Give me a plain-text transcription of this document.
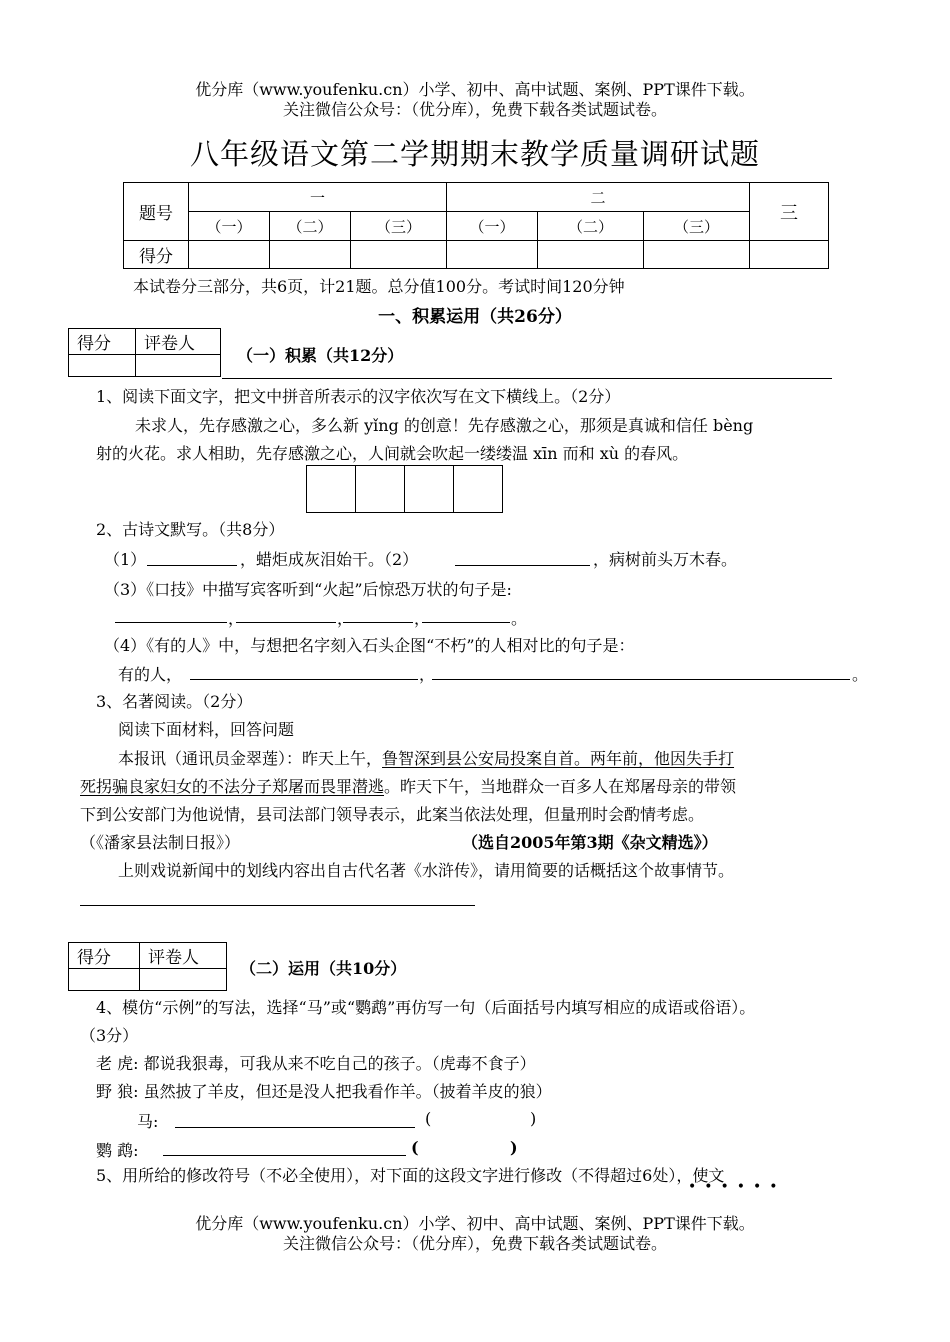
优分库（www.youfenku.cn）小学、初中、高中试题、案例、PPT课件下载。
关注微信公众号：（优分库），免费下载各类试题试卷。
八年级语文第二学期期末教学质量调研试题
题号	一			二			三
	（一）	（二）	（三）	（一）	（二）	（三）	
得分							
本试卷分三部分，共6页，计21题。总分值100分。考试时间120分钟
一、积累运用（共26分）
得分	评卷人

（一）积累（共12分）
1、阅读下面文字，把文中拼音所表示的汉字依次写在文下横线上。（2分）
未求人，先存感激之心，多么新 yǐng 的创意！先存感激之心，那须是真诚和信任 bèng
射的火花。求人相助，先存感激之心，人间就会吹起一缕缕温 xīn 而和 xù 的春风。
2、古诗文默写。（共8分）
（1）	，蜡炬成灰泪始干。（2）	，病树前头万木春。
（3）《口技》中描写宾客听到“火起”后惊恐万状的句子是:
，	，	，	。
（4）《有的人》中，与想把名字刻入石头企图“不朽”的人相对比的句子是：
有的人，	，	。
3、名著阅读。（2分）
阅读下面材料，回答问题
本报讯（通讯员金翠莲）：昨天上午，鲁智深到县公安局投案自首。两年前，他因失手打
死拐骗良家妇女的不法分子郑屠而畏罪潜逃。昨天下午，当地群众一百多人在郑屠母亲的带领
下到公安部门为他说情，县司法部门领导表示，此案当依法处理，但量刑时会酌情考虑。
（《潘家县法制日报》）	（选自2005年第3期《杂文精选》）
上则戏说新闻中的划线内容出自古代名著《水浒传》，请用简要的话概括这个故事情节。
得分	评卷人

（二）运用（共10分）
4、模仿“示例”的写法，选择“马”或“鹦鹉”再仿写一句（后面括号内填写相应的成语或俗语）。
（3分）
老 虎: 都说我狠毒，可我从来不吃自己的孩子。（虎毒不食子）
野 狼: 虽然披了羊皮，但还是没人把我看作羊。（披着羊皮的狼）
马:	(	)
鹦 鹉:	(	)
5、用所给的修改符号（不必全使用），对下面的这段文字进行修改（不得超过6处），使文
••••••
优分库（www.youfenku.cn）小学、初中、高中试题、案例、PPT课件下载。
关注微信公众号：（优分库），免费下载各类试题试卷。
